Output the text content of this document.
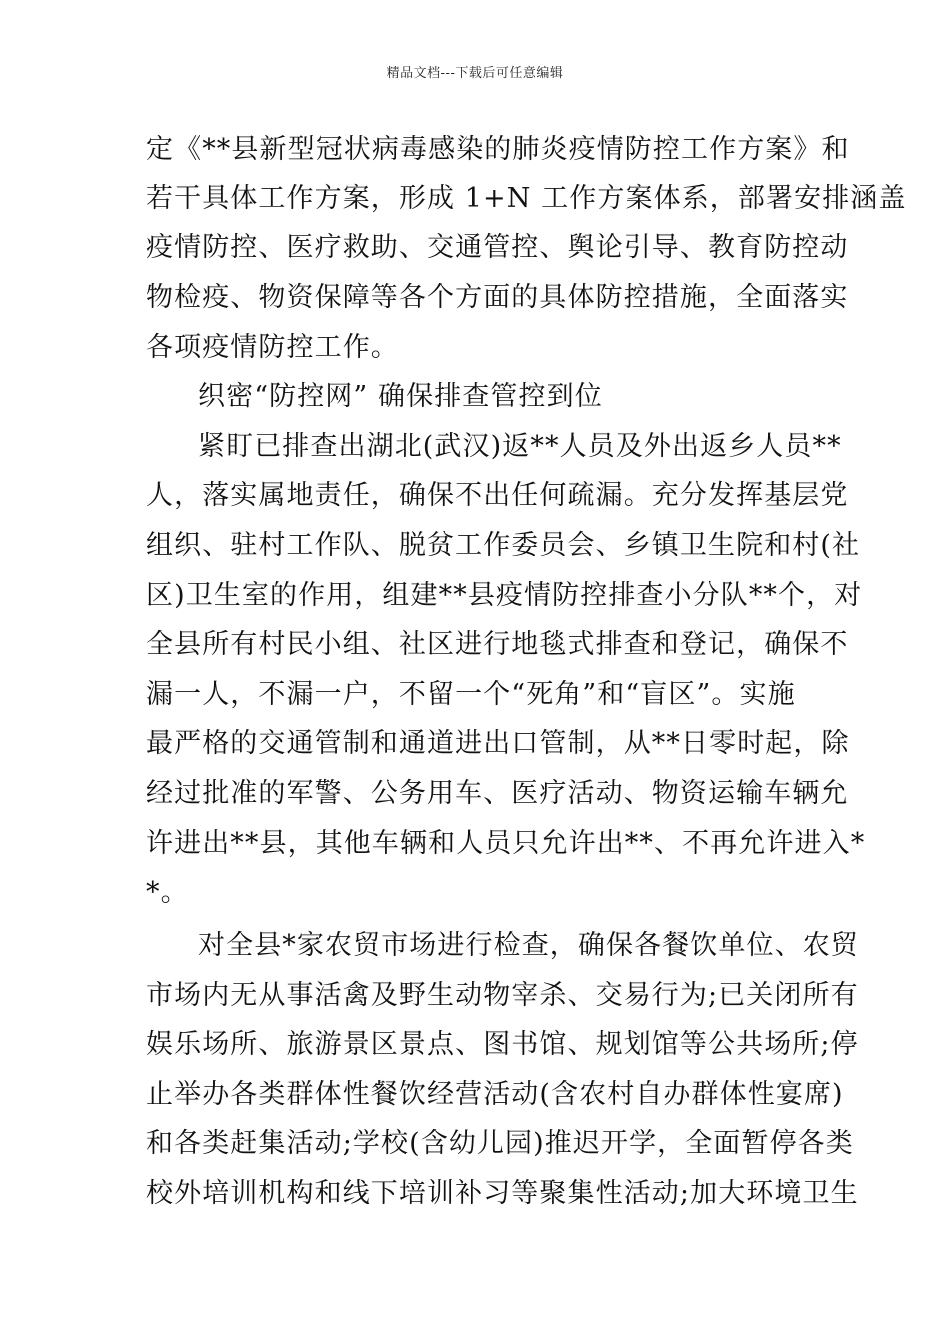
精品文档---下载后可任意编辑
定《**县新型冠状病毒感染的肺炎疫情防控工作方案》和
若干具体工作方案，形成 1+N 工作方案体系，部署安排涵盖
疫情防控、医疗救助、交通管控、舆论引导、教育防控动
物检疫、物资保障等各个方面的具体防控措施，全面落实
各项疫情防控工作。
织密“防控网” 确保排查管控到位
紧盯已排查出湖北(武汉)返**人员及外出返乡人员**
人，落实属地责任，确保不出任何疏漏。充分发挥基层党
组织、驻村工作队、脱贫工作委员会、乡镇卫生院和村(社
区)卫生室的作用，组建**县疫情防控排查小分队**个，对
全县所有村民小组、社区进行地毯式排查和登记，确保不
漏一人，不漏一户，不留一个“死角”和“盲区”。实施
最严格的交通管制和通道进出口管制，从**日零时起，除
经过批准的军警、公务用车、医疗活动、物资运输车辆允
许进出**县，其他车辆和人员只允许出**、不再允许进入*
*。
对全县*家农贸市场进行检查，确保各餐饮单位、农贸
市场内无从事活禽及野生动物宰杀、交易行为;已关闭所有
娱乐场所、旅游景区景点、图书馆、规划馆等公共场所;停
止举办各类群体性餐饮经营活动(含农村自办群体性宴席)
和各类赶集活动;学校(含幼儿园)推迟开学，全面暂停各类
校外培训机构和线下培训补习等聚集性活动;加大环境卫生
